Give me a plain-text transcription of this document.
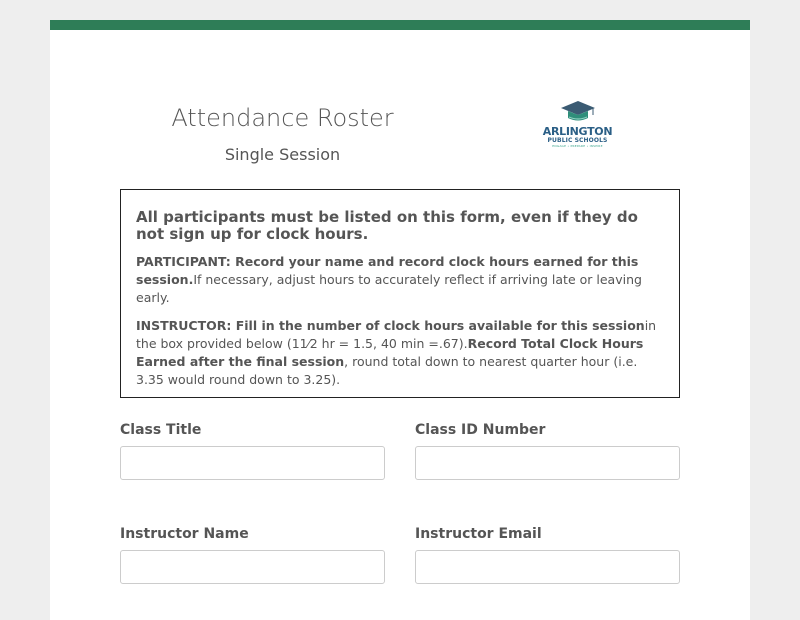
Attendance Roster
Single Session
ARLINGTON
PUBLIC SCHOOLS
ENGAGE • PREPARE • INSPIRE
All participants must be listed on this form, even if they do not sign up for clock hours.

PARTICIPANT: Record your name and record clock hours earned for this session.If necessary, adjust hours to accurately reflect if arriving late or leaving early.

INSTRUCTOR: Fill in the number of clock hours available for this sessionin the box provided below (11⁄2 hr = 1.5, 40 min =.67).Record Total Clock Hours Earned after the final session, round total down to nearest quarter hour (i.e. 3.35 would round down to 3.25).

Class Title	Class ID Number
Instructor Name	Instructor Email
